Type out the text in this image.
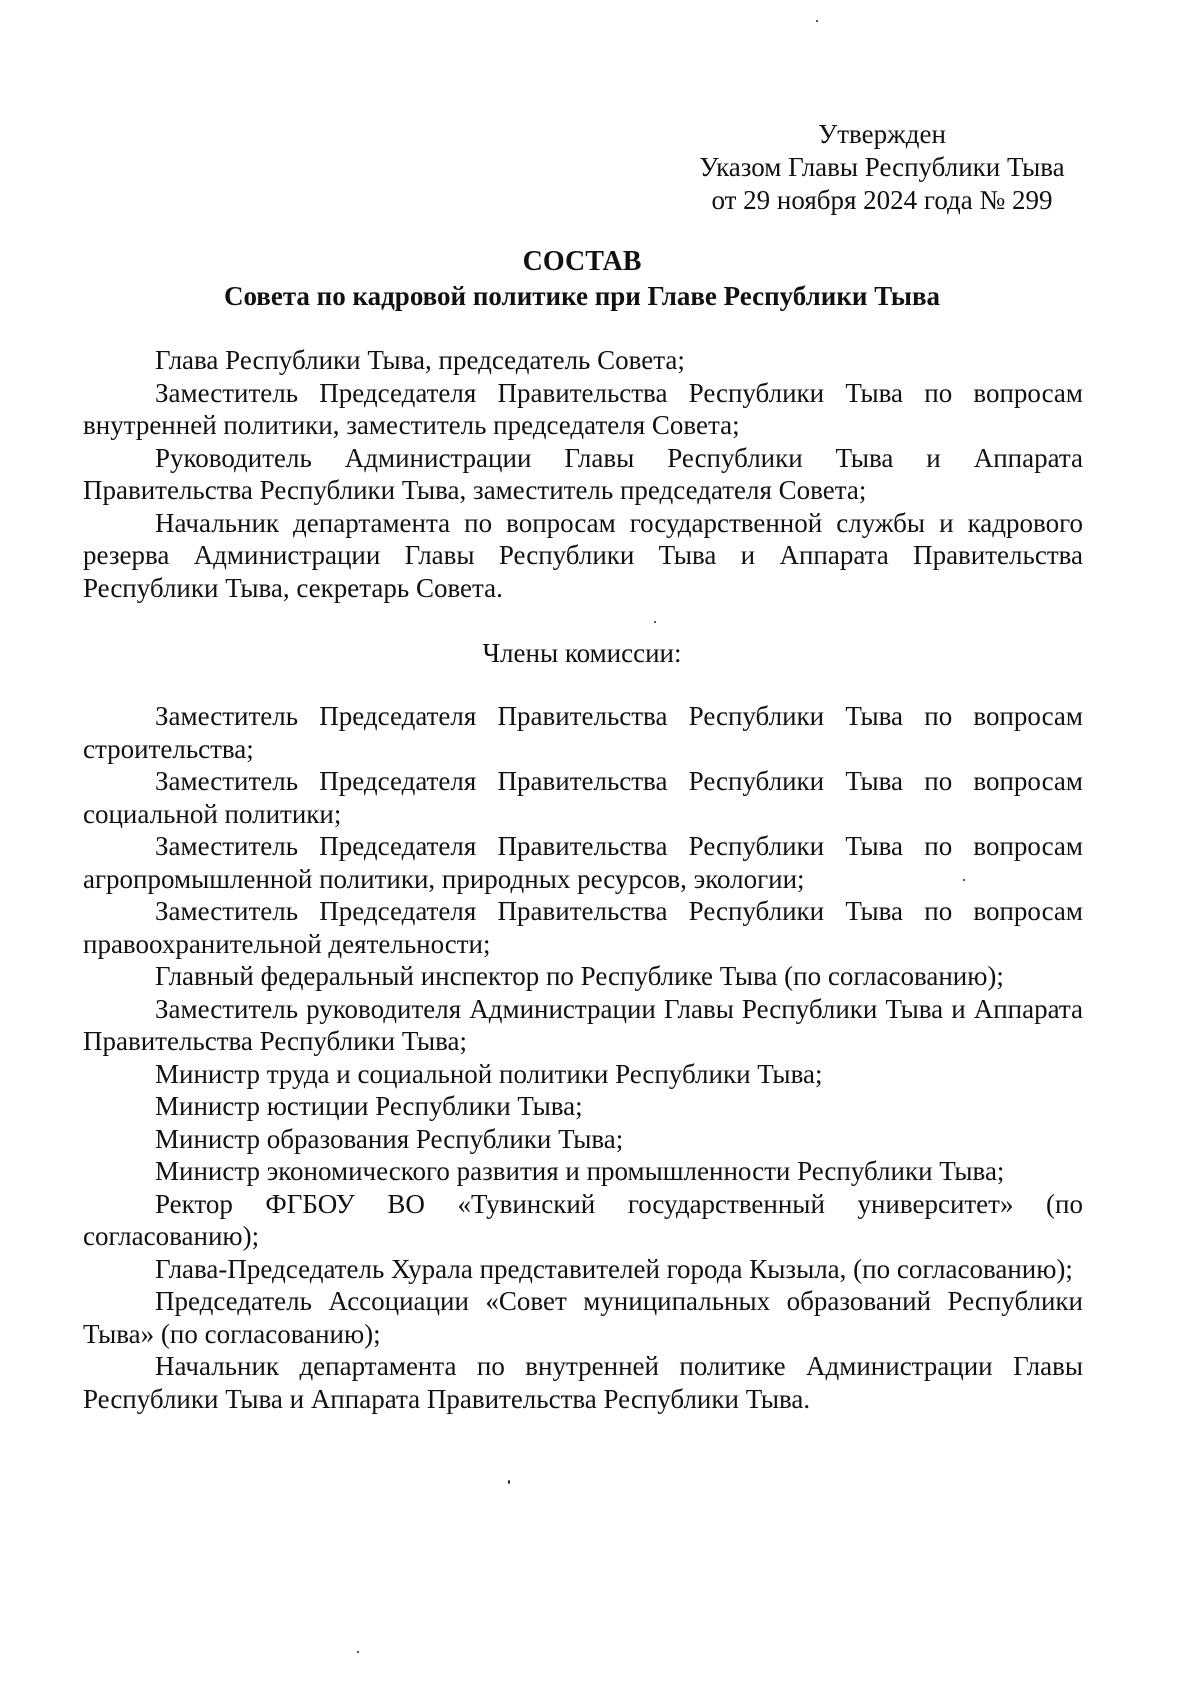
Утвержден
Указом Главы Республики Тыва
от 29 ноября 2024 года № 299
СОСТАВ
Совета по кадровой политике при Главе Республики Тыва

Глава Республики Тыва, председатель Совета;

Заместитель Председателя Правительства Республики Тыва по вопросам внутренней политики, заместитель председателя Совета;

Руководитель Администрации Главы Республики Тыва и Аппарата Правительства Республики Тыва, заместитель председателя Совета;

Начальник департамента по вопросам государственной службы и кадрового резерва Администрации Главы Республики Тыва и Аппарата Правительства Республики Тыва, секретарь Совета.

Члены комиссии:

Заместитель Председателя Правительства Республики Тыва по вопросам строительства;

Заместитель Председателя Правительства Республики Тыва по вопросам социальной политики;

Заместитель Председателя Правительства Республики Тыва по вопросам агропромышленной политики, природных ресурсов, экологии;

Заместитель Председателя Правительства Республики Тыва по вопросам правоохранительной деятельности;

Главный федеральный инспектор по Республике Тыва (по согласованию);

Заместитель руководителя Администрации Главы Республики Тыва и Аппарата Правительства Республики Тыва;

Министр труда и социальной политики Республики Тыва;

Министр юстиции Республики Тыва;

Министр образования Республики Тыва;

Министр экономического развития и промышленности Республики Тыва;

Ректор ФГБОУ ВО «Тувинский государственный университет» (по согласованию);

Глава-Председатель Хурала представителей города Кызыла, (по согласованию);

Председатель Ассоциации «Совет муниципальных образований Республики Тыва» (по согласованию);

Начальник департамента по внутренней политике Администрации Главы Республики Тыва и Аппарата Правительства Республики Тыва.
